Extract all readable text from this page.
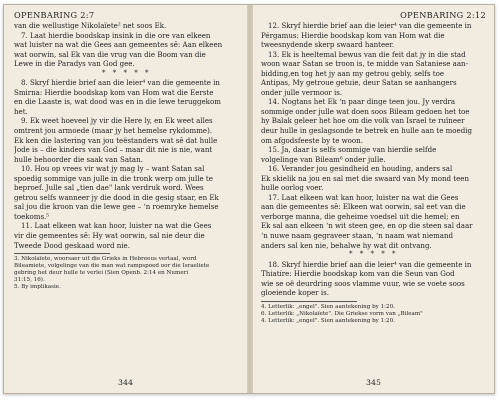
OPENBARING 2:7
van die wellustige Nikolaïete² net soos Ek.
7. Laat hierdie boodskap insink in die ore van elkeen
wat luister na wat die Gees aan gemeentes sê: Aan elkeen
wat oorwin, sal Ek van die vrug van die Boom van die
Lewe in die Paradys van God gee.
* * * * *
8. Skryf hierdie brief aan die leier⁴ van die gemeente in
Smirna: Hierdie boodskap kom van Hom wat die Eerste
en die Laaste is, wat dood was en in die lewe teruggekom
het.
9. Ek weet hoeveel jy vir die Here ly, en Ek weet alles
omtrent jou armoede (maar jy het hemelse rykdomme).
Ek ken die lastering van jou teëstanders wat sê dat hulle
Jode is – die kinders van God – maar dit nie is nie, want
hulle behoorder die saak van Satan.
10. Hou op vrees vir wat jy mag ly – want Satan sal
spoedig sommige van julle in die tronk werp om julle te
beproef. Julle sal „tien dae" lank verdruk word. Wees
getrou selfs wanneer jy die dood in die gesig staar, en Ek
sal jou die kroon van die lewe gee – ‘n roemryke hemelse
toekoms.⁵
11. Laat elkeen wat kan hoor, luister na wat die Gees
vir die gemeentes sê: Hy wat oorwin, sal nie deur die
Tweede Dood geskaad word nie.
3. Nikolaïete, woorsaer uit die Grieks in Hebreeus vertaal, word
Bileamiete, volgelinge van die man wat rampspoed oor die Israeliete
gebring het deur hulle te verlei (Sien Openb. 2:14 en Numeri
31:15, 16).
5. By implikasie.
344
OPENBARING 2:12
12. Skryf hierdie brief aan die leier⁴ van die gemeente in
Pérgamus: Hierdie boodskap kom van Hom wat die
tweesnydende skerp swaard hanteer.
13. Ek is heeltemal bewus van die feit dat jy in die stad
woon waar Satan se troon is, te midde van Sataniese aan-
bidding,en tog het jy aan my getrou gebly, selfs toe
Antipas, My getroue getuie, deur Satan se aanhangers
onder julle vermoor is.
14. Nogtans het Ek ‘n paar dinge teen jou. Jy verdra
sommige onder julle wat doen soos Bileam gedoen het toe
hy Balak geleer het hoe om die volk van Israel te ruïneer
deur hulle in geslagsonde te betrek en hulle aan te moedig
om afgodsfeeste by te woon.
15. Ja, daar is selfs sommige van hierdie selfde
volgelinge van Bileam⁶ onder julle.
16. Verander jou gesindheid en houding, anders sal
Ek skielik na jou en sal met die swaard van My mond teen
hulle oorlog voer.
17. Laat elkeen wat kan hoor, luister na wat die Gees
aan die gemeentes sê: Elkeen wat oorwin, sal eet van die
verborge manna, die geheime voedsel uit die hemel; en
Ek sal aan elkeen ‘n wit steen gee, en op die steen sal daar
‘n nuwe naam gegraveer staan, ‘n naam wat niemand
anders sal ken nie, behalwe hy wat dit ontvang.
* * * * *
18. Skryf hierdie brief aan die leier⁴ van die gemeente in
Thiatíre: Hierdie boodskap kom van die Seun van God
wie se oë deurdring soos vlamme vuur, wie se voete soos
gloeiende koper is.
4. Letterlik: „engel". Sien aantekening by 1:20.
6. Letterlik: „Nikolaïete". Die Griekse vorm van „Bileam"
4. Letterlik: „engel". Sien aantekening by 1:20.
345
